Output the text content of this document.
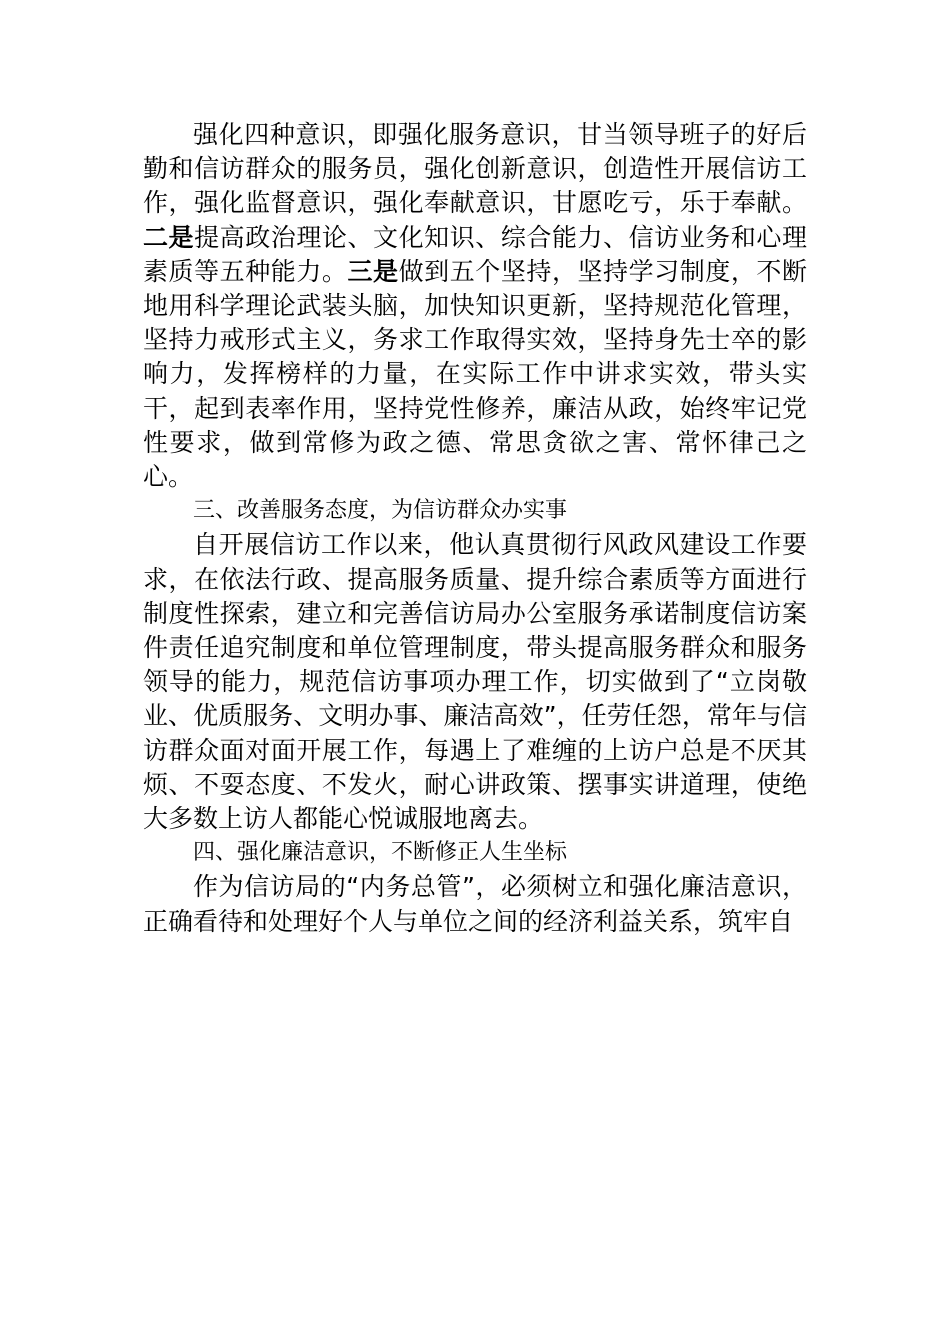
强化四种意识，即强化服务意识，甘当领导班子的好后勤和信访群众的服务员，强化创新意识，创造性开展信访工作，强化监督意识，强化奉献意识，甘愿吃亏，乐于奉献。二是提高政治理论、文化知识、综合能力、信访业务和心理素质等五种能力。三是做到五个坚持，坚持学习制度，不断地用科学理论武装头脑，加快知识更新，坚持规范化管理，坚持力戒形式主义，务求工作取得实效，坚持身先士卒的影响力，发挥榜样的力量，在实际工作中讲求实效，带头实干，起到表率作用，坚持党性修养，廉洁从政，始终牢记党性要求，做到常修为政之德、常思贪欲之害、常怀律己之心。

三、改善服务态度，为信访群众办实事

自开展信访工作以来，他认真贯彻行风政风建设工作要求，在依法行政、提高服务质量、提升综合素质等方面进行制度性探索，建立和完善信访局办公室服务承诺制度信访案件责任追究制度和单位管理制度，带头提高服务群众和服务领导的能力，规范信访事项办理工作，切实做到了“立岗敬业、优质服务、文明办事、廉洁高效”，任劳任怨，常年与信访群众面对面开展工作，每遇上了难缠的上访户总是不厌其烦、不耍态度、不发火，耐心讲政策、摆事实讲道理，使绝大多数上访人都能心悦诚服地离去。

四、强化廉洁意识，不断修正人生坐标

作为信访局的“内务总管”，必须树立和强化廉洁意识，正确看待和处理好个人与单位之间的经济利益关系，筑牢自
